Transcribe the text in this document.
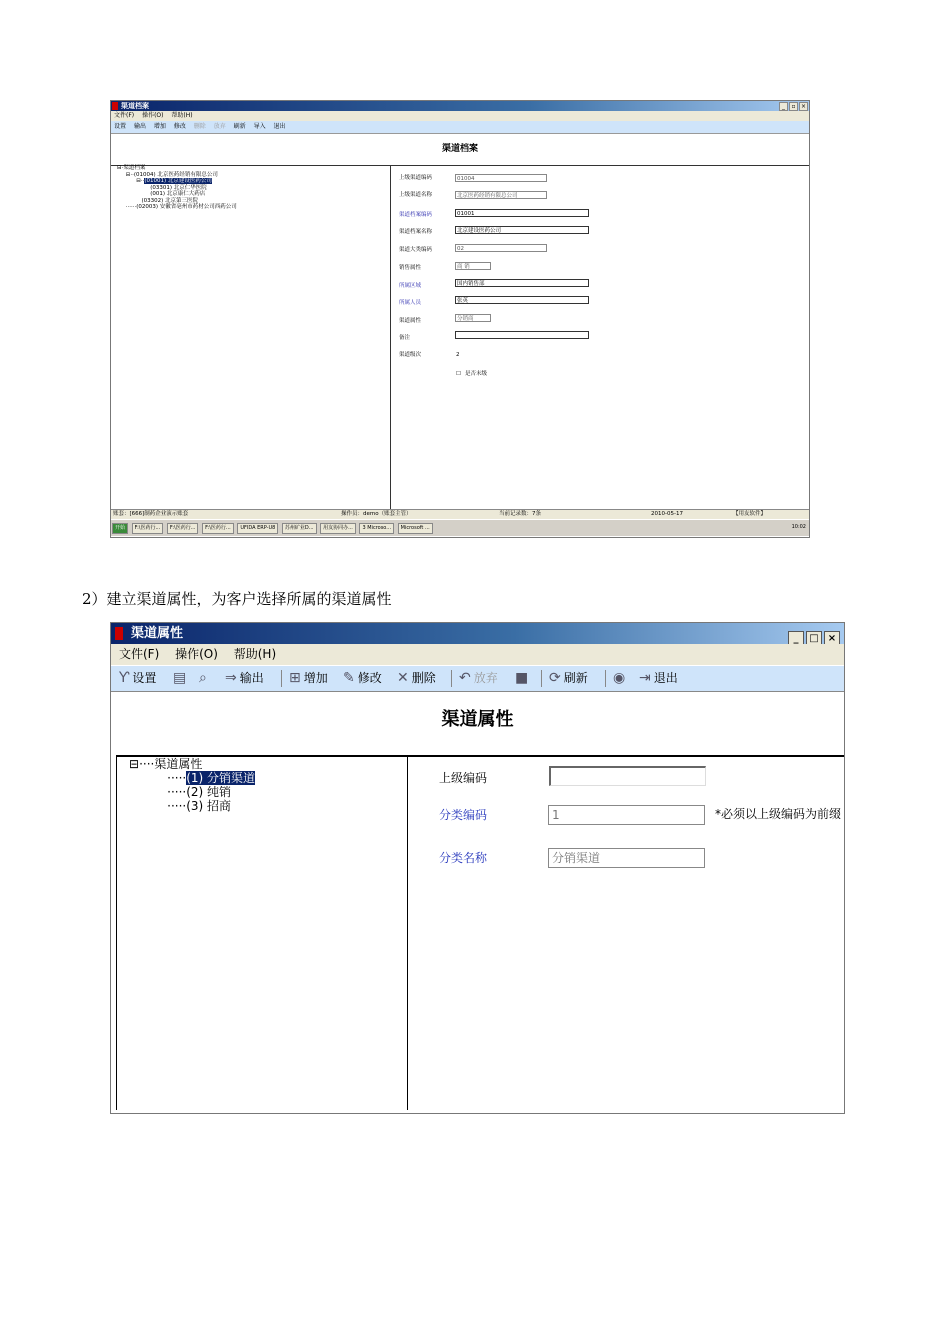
渠道档案	_ ▫ ×
文件(F) 操作(O) 帮助(H)
设置 输出 增加 修改 删除 放弃 刷新 导入 退出
渠道档案
⊟·渠道档案
⊟··(01004) 北京医药经销有限总公司
⊟··(01001) 北京建设医药公司
(03301) 北京仁华医院
(001) 北京康仁大药店
(03302) 北京第三医院
······(02003) 安徽省亳州市药材公司西药公司
上级渠道编码	01004
上级渠道名称	北京医药经销有限总公司
渠道档案编码	01001
渠道档案名称	北京建设医药公司
渠道大类编码	02
销售属性	商 销
所属区域	国内销售部
所属人员	张英
渠道属性	分销商
备注
渠道级次	2
☐ 是否末级
账套：[666]制药企业演示账套	操作员：demo（账套主管）	当前记录数：7条	2010-05-17	【用友软件】
开始 F:\医药行... F:\医药行... F:\医药行... UFIDA ERP-U8 苏州矿业D... 用友协同办... 3 Microso... Microsoft ...	10:02
2）建立渠道属性，为客户选择所属的渠道属性
渠道属性	_ □ ×
文件(F) 操作(O) 帮助(H)
Ƴ 设置 ▤ ⌕ ⇒ 输出 ⊞ 增加 ✎ 修改 ✕ 删除 ↶ 放弃 ■ ⟳ 刷新 ◉ ⇥ 退出
渠道属性
⊟····渠道属性
·····(1) 分销渠道
·····(2) 纯销
·····(3) 招商
上级编码
分类编码	1	*必须以上级编码为前缀
分类名称	分销渠道
